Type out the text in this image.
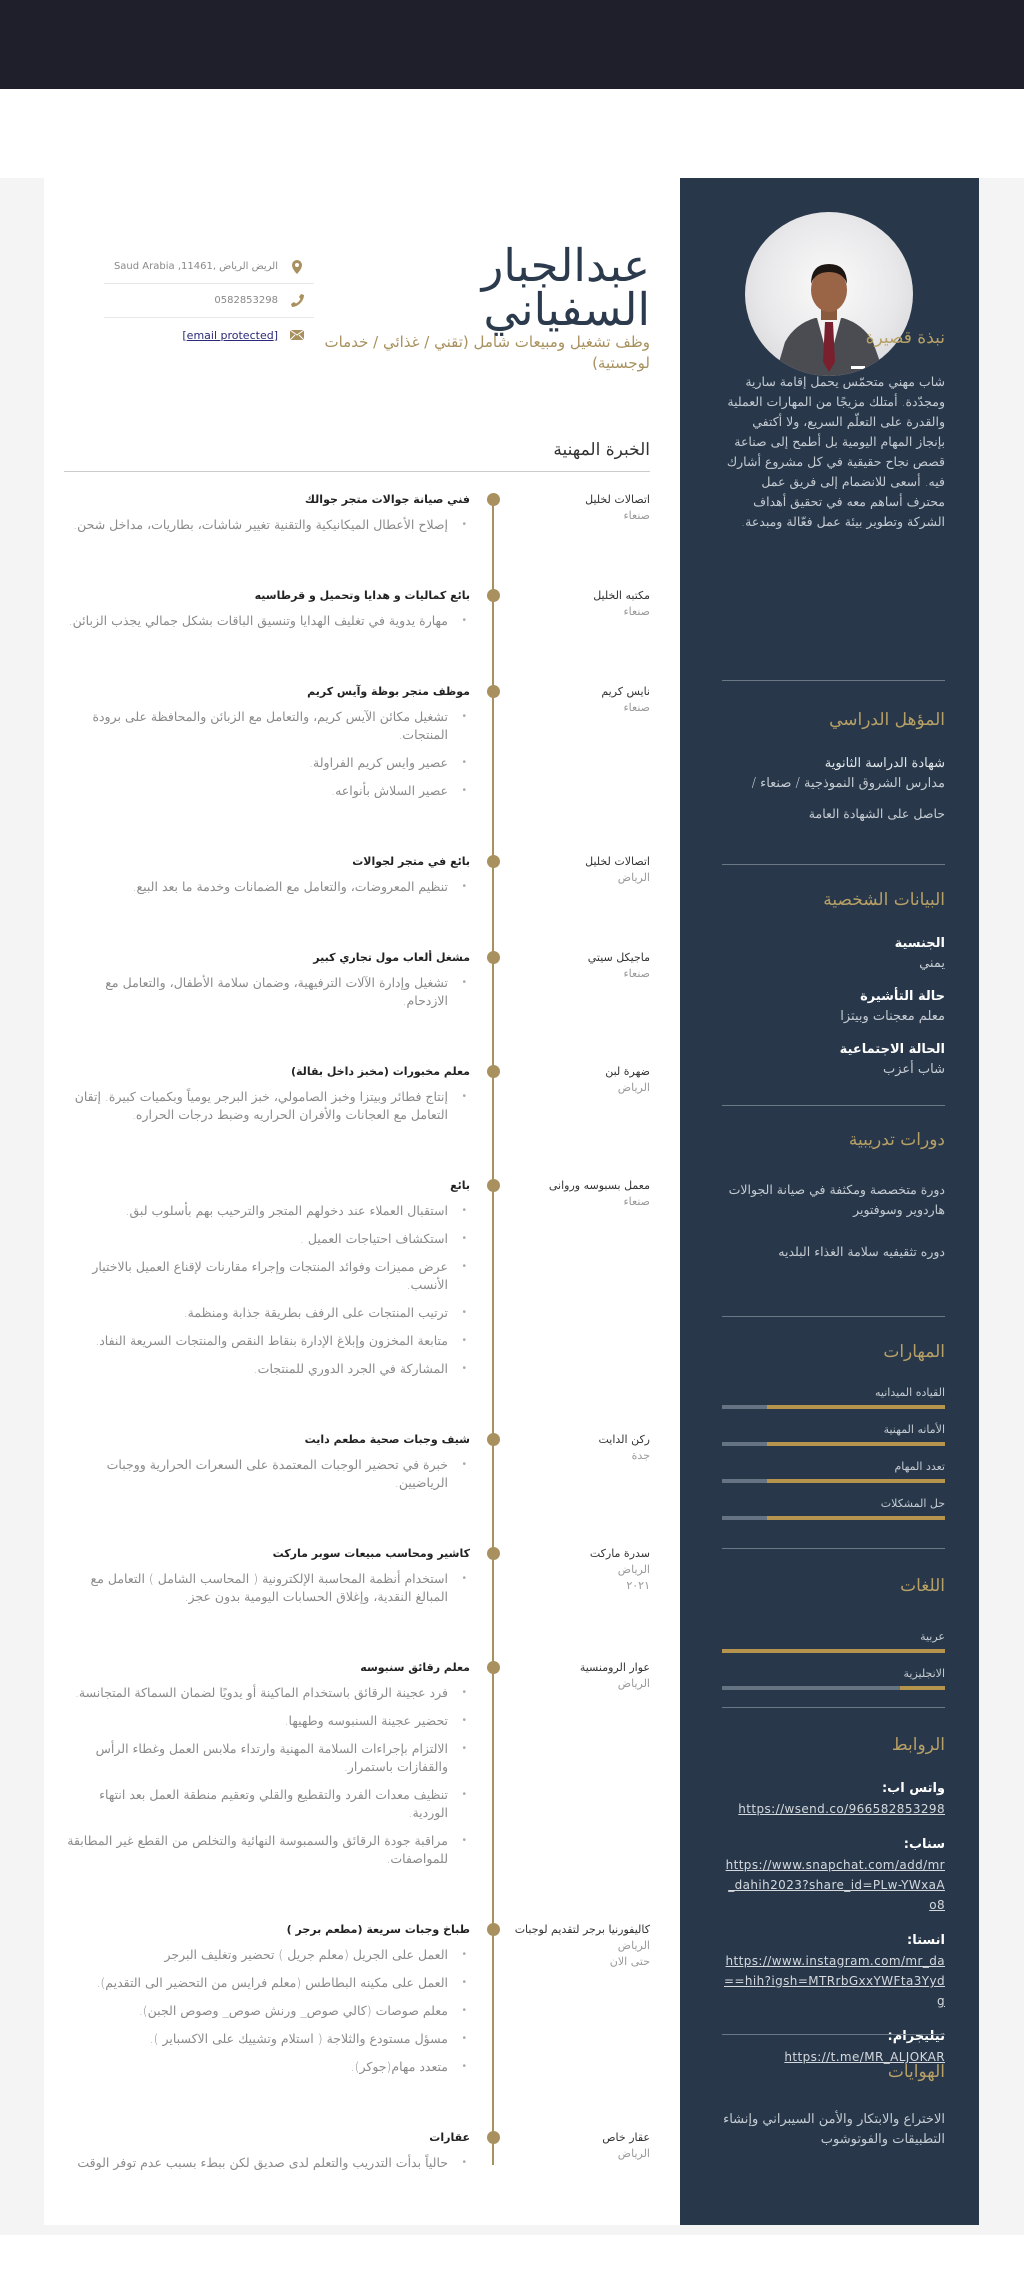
عبدالجبار
السفياني
وظف تشغيل ومبيعات شامل (تقني / غذائي / خدمات لوجستية)
الريض الرياض ,11461, Saud Arabia
0582853298
[email protected]
الخبرة المهنية
اتصالات لخليل
صنعاء
فني صيانة جوالات متجر جوالك
• إصلاح الأعطال الميكانيكية والتقنية تغيير شاشات، بطاريات، مداخل شحن.
مكتبه الخليل
صنعاء
بائع كماليات و هدايا وتحميل و قرطاسيه
• مهارة يدوية في تغليف الهدايا وتنسيق الباقات بشكل جمالي يجذب الزبائن.
نايس كريم
صنعاء
موظف متجر بوظة وآيس كريم
• تشغيل مكائن الآيس كريم، والتعامل مع الزبائن والمحافظة على برودة المنتجات.
• عصير وايس كريم الفراولة.
• عصير السلاش بأنواعه.
اتصالات لخليل
الرياض
بائع في متجر لجوالات
• تنظيم المعروضات، والتعامل مع الضمانات وخدمة ما بعد البيع.
ماجيكل سيتي
صنعاء
مشغل ألعاب مول تجاري كبير
• تشغيل وإدارة الآلات الترفيهية، وضمان سلامة الأطفال، والتعامل مع الازدحام.
ضهرة لبن
الرياض
معلم مخبورات (مخبز داخل بقالة)
• إنتاج فطائر وبيتزا وخبز الصامولي، خبز البرجر يومياً وبكميات كبيرة. إتقان التعامل مع العجانات والأفران الحراريه وضبط درجات الحراره.
معمل بسبوسه وروانى
صنعاء
بائع
• استقبال العملاء عند دخولهم المتجر والترحيب بهم بأسلوب لبق.
• استكشاف احتياجات العميل .
• عرض مميزات وفوائد المنتجات وإجراء مقارنات لإقناع العميل بالاختيار الأنسب.
• ترتيب المنتجات على الرفف بطريقة جذابة ومنظمة.
• متابعة المخزون وإبلاغ الإدارة بنقاط النقص والمنتجات السريعة النفاد.
• المشاركة في الجرد الدوري للمنتجات.
ركن الدايت
جدة
شيف وجبات صحية مطعم دايت
• خبرة في تحضير الوجبات المعتمدة على السعرات الحرارية ووجبات الرياضيين.
سدرة ماركت
الرياض
٢٠٢١
كاشير ومحاسب مبيعات سوبر ماركت
• استخدام أنظمة المحاسبة الإلكترونية ( المحاسب الشامل ) التعامل مع المبالغ النقدية، وإغلاق الحسابات اليومية بدون عجز.
عوار الرومنسية
الرياض
معلم رقائق سنبوسه
• فرد عجينة الرقائق باستخدام الماكينة أو يدويًا لضمان السماكة المتجانسة.
• تحضير عجينة السنبوسه وطهيها.
• الالتزام بإجراءات السلامة المهنية وارتداء ملابس العمل وغطاء الرأس والقفازات باستمرار.
• تنظيف معدات الفرد والتقطيع والقلي وتعقيم منطقة العمل بعد انتهاء الوردية.
• مراقبة جودة الرقائق والسمبوسة النهائية والتخلص من القطع غير المطابقة للمواصفات.
كاليفورنيا برجر لتقديم لوجبات
الرياض
حتى الان
طباخ وجبات سريعة (مطعم برجر )
• العمل على الجريل (معلم جريل ) تحضير وتغليف البرجر
• العمل على مكينه البطاطس (معلم فرايس من التحضير الى التقديم).
• معلم صوصات (كالي صوص_ ورنش صوص_ وصوص الجبن).
• مسؤل مستودع والثلاجة ( استلام وتشييك على الاكسباير ).
• متعدد مهام(جوكر).
عقار خاص
الرياض
عقارات
• حالياً بدأت التدريب والتعلم لدى صديق لكن ببطء بسبب عدم توفر الوقت
نبذة قصيرة
شاب مهني متحمّس يحمل إقامة سارية ومجدّدة. أمتلك مزيجًا من المهارات العملية والقدرة على التعلّم السريع، ولا أكتفي بإنجاز المهام اليومية بل أطمح إلى صناعة قصص نجاح حقيقية في كل مشروع أشارك فيه. أسعى للانضمام إلى فريق عمل محترف أساهم معه في تحقيق أهداف الشركة وتطوير بيئة عمل فعّالة ومبدعة.
المؤهل الدراسي
شهادة الدراسة الثانوية
مدارس الشروق النموذجية / صنعاء /
حاصل على الشهادة العامة
البيانات الشخصية
الجنسية
يمني
حالة التأشيرة
معلم معجنات وبيتزا
الحالة الاجتماعية
شاب أعزب
دورات تدريبية
دورة متخصصة ومكثفة في صيانة الجوالات هاردوير وسوفتوير
دوره تثقيفيه سلامة الغذاء البلديه
المهارات
القياده الميدانيه
الأمانه المهنية
تعدد المهام
حل المشكلات
اللغات
عربية
الانجليزية
الروابط
واتس اب:
https://wsend.co/966582853298
سناب:
https://www.snapchat.com/add/mr_dahih2023?share_id=PLw-YWxaAo8
انستا:
https://www.instagram.com/mr_da==hih?igsh=MTRrbGxxYWFta3Yydg
تيليجرام:
https://t.me/MR_ALJOKAR
الهوايات
الاختراع والابتكار والأمن السيبراني وإنشاء التطبيقات والفوتوشوب
